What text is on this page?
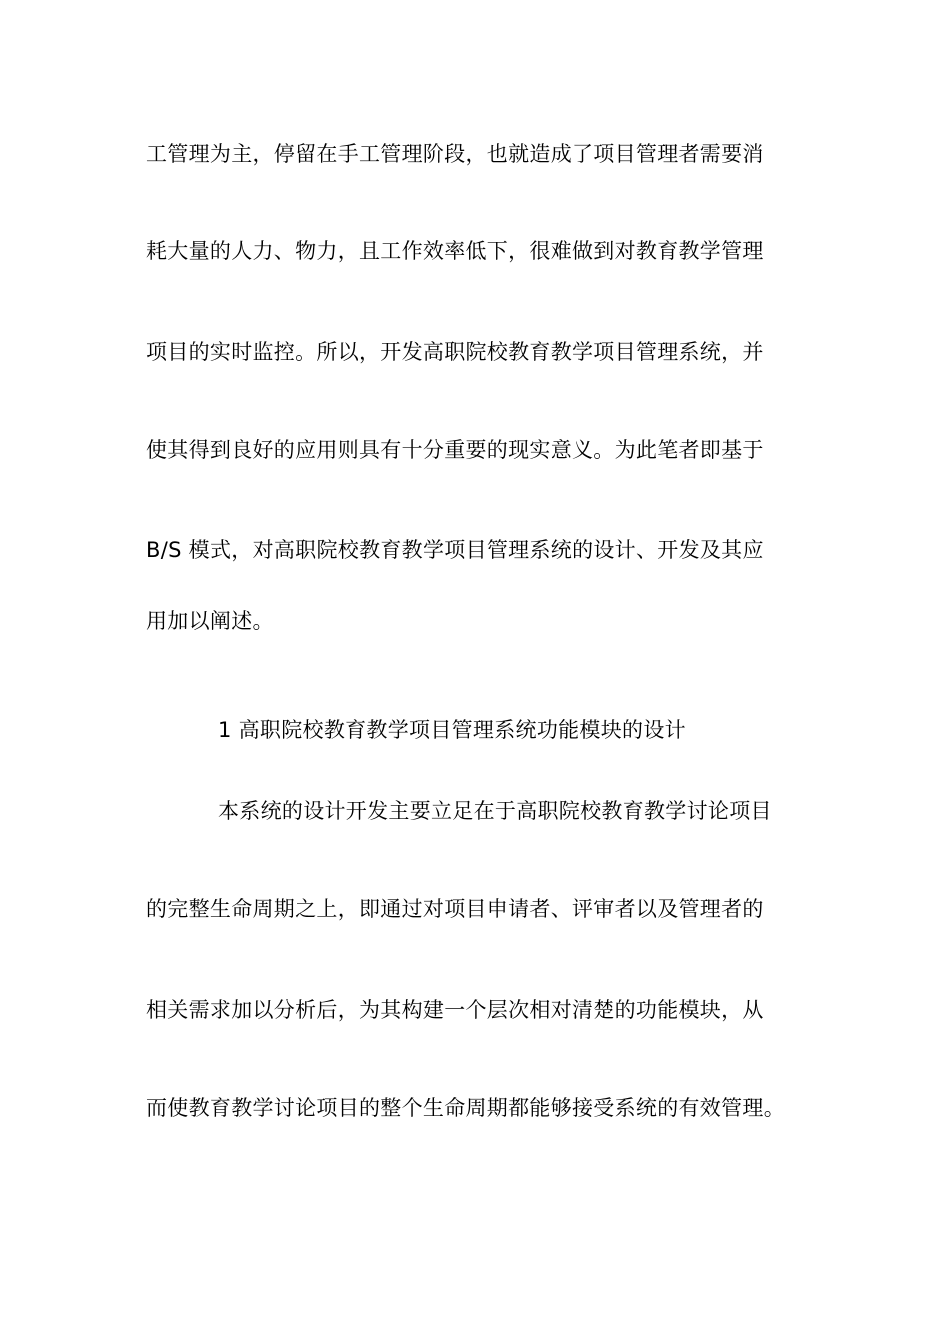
工管理为主，停留在手工管理阶段，也就造成了项目管理者需要消
耗大量的人力、物力，且工作效率低下，很难做到对教育教学管理
项目的实时监控。所以，开发高职院校教育教学项目管理系统，并
使其得到良好的应用则具有十分重要的现实意义。为此笔者即基于
B/S 模式，对高职院校教育教学项目管理系统的设计、开发及其应
用加以阐述。
1 高职院校教育教学项目管理系统功能模块的设计
本系统的设计开发主要立足在于高职院校教育教学讨论项目
的完整生命周期之上，即通过对项目申请者、评审者以及管理者的
相关需求加以分析后，为其构建一个层次相对清楚的功能模块，从
而使教育教学讨论项目的整个生命周期都能够接受系统的有效管理。
